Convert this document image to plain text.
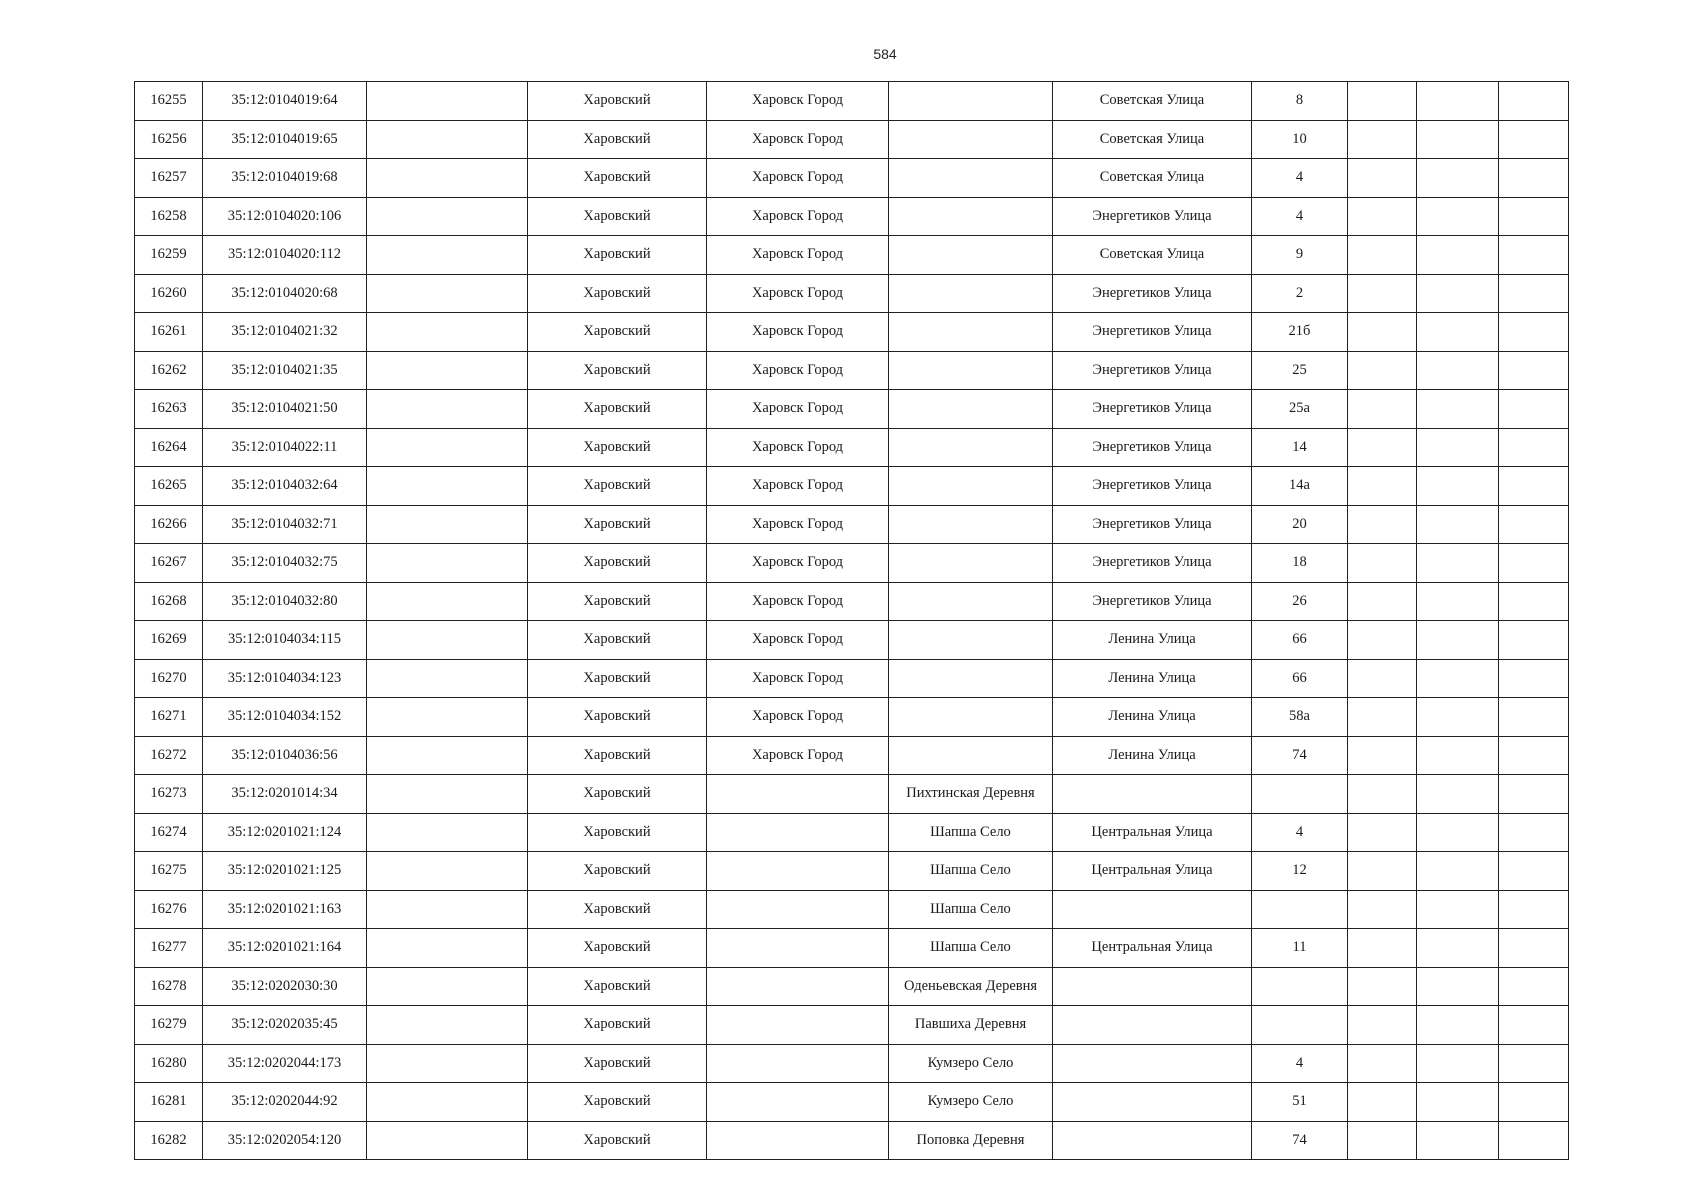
584
16255	35:12:0104019:64		Харовский	Харовск Город		Советская Улица	8			
16256	35:12:0104019:65		Харовский	Харовск Город		Советская Улица	10			
16257	35:12:0104019:68		Харовский	Харовск Город		Советская Улица	4			
16258	35:12:0104020:106		Харовский	Харовск Город		Энергетиков Улица	4			
16259	35:12:0104020:112		Харовский	Харовск Город		Советская Улица	9			
16260	35:12:0104020:68		Харовский	Харовск Город		Энергетиков Улица	2			
16261	35:12:0104021:32		Харовский	Харовск Город		Энергетиков Улица	21б			
16262	35:12:0104021:35		Харовский	Харовск Город		Энергетиков Улица	25			
16263	35:12:0104021:50		Харовский	Харовск Город		Энергетиков Улица	25а			
16264	35:12:0104022:11		Харовский	Харовск Город		Энергетиков Улица	14			
16265	35:12:0104032:64		Харовский	Харовск Город		Энергетиков Улица	14а			
16266	35:12:0104032:71		Харовский	Харовск Город		Энергетиков Улица	20			
16267	35:12:0104032:75		Харовский	Харовск Город		Энергетиков Улица	18			
16268	35:12:0104032:80		Харовский	Харовск Город		Энергетиков Улица	26			
16269	35:12:0104034:115		Харовский	Харовск Город		Ленина Улица	66			
16270	35:12:0104034:123		Харовский	Харовск Город		Ленина Улица	66			
16271	35:12:0104034:152		Харовский	Харовск Город		Ленина Улица	58а			
16272	35:12:0104036:56		Харовский	Харовск Город		Ленина Улица	74			
16273	35:12:0201014:34		Харовский		Пихтинская Деревня					
16274	35:12:0201021:124		Харовский		Шапша Село	Центральная Улица	4			
16275	35:12:0201021:125		Харовский		Шапша Село	Центральная Улица	12			
16276	35:12:0201021:163		Харовский		Шапша Село					
16277	35:12:0201021:164		Харовский		Шапша Село	Центральная Улица	11			
16278	35:12:0202030:30		Харовский		Оденьевская Деревня					
16279	35:12:0202035:45		Харовский		Павшиха Деревня					
16280	35:12:0202044:173		Харовский		Кумзеро Село		4			
16281	35:12:0202044:92		Харовский		Кумзеро Село		51			
16282	35:12:0202054:120		Харовский		Поповка Деревня		74			
